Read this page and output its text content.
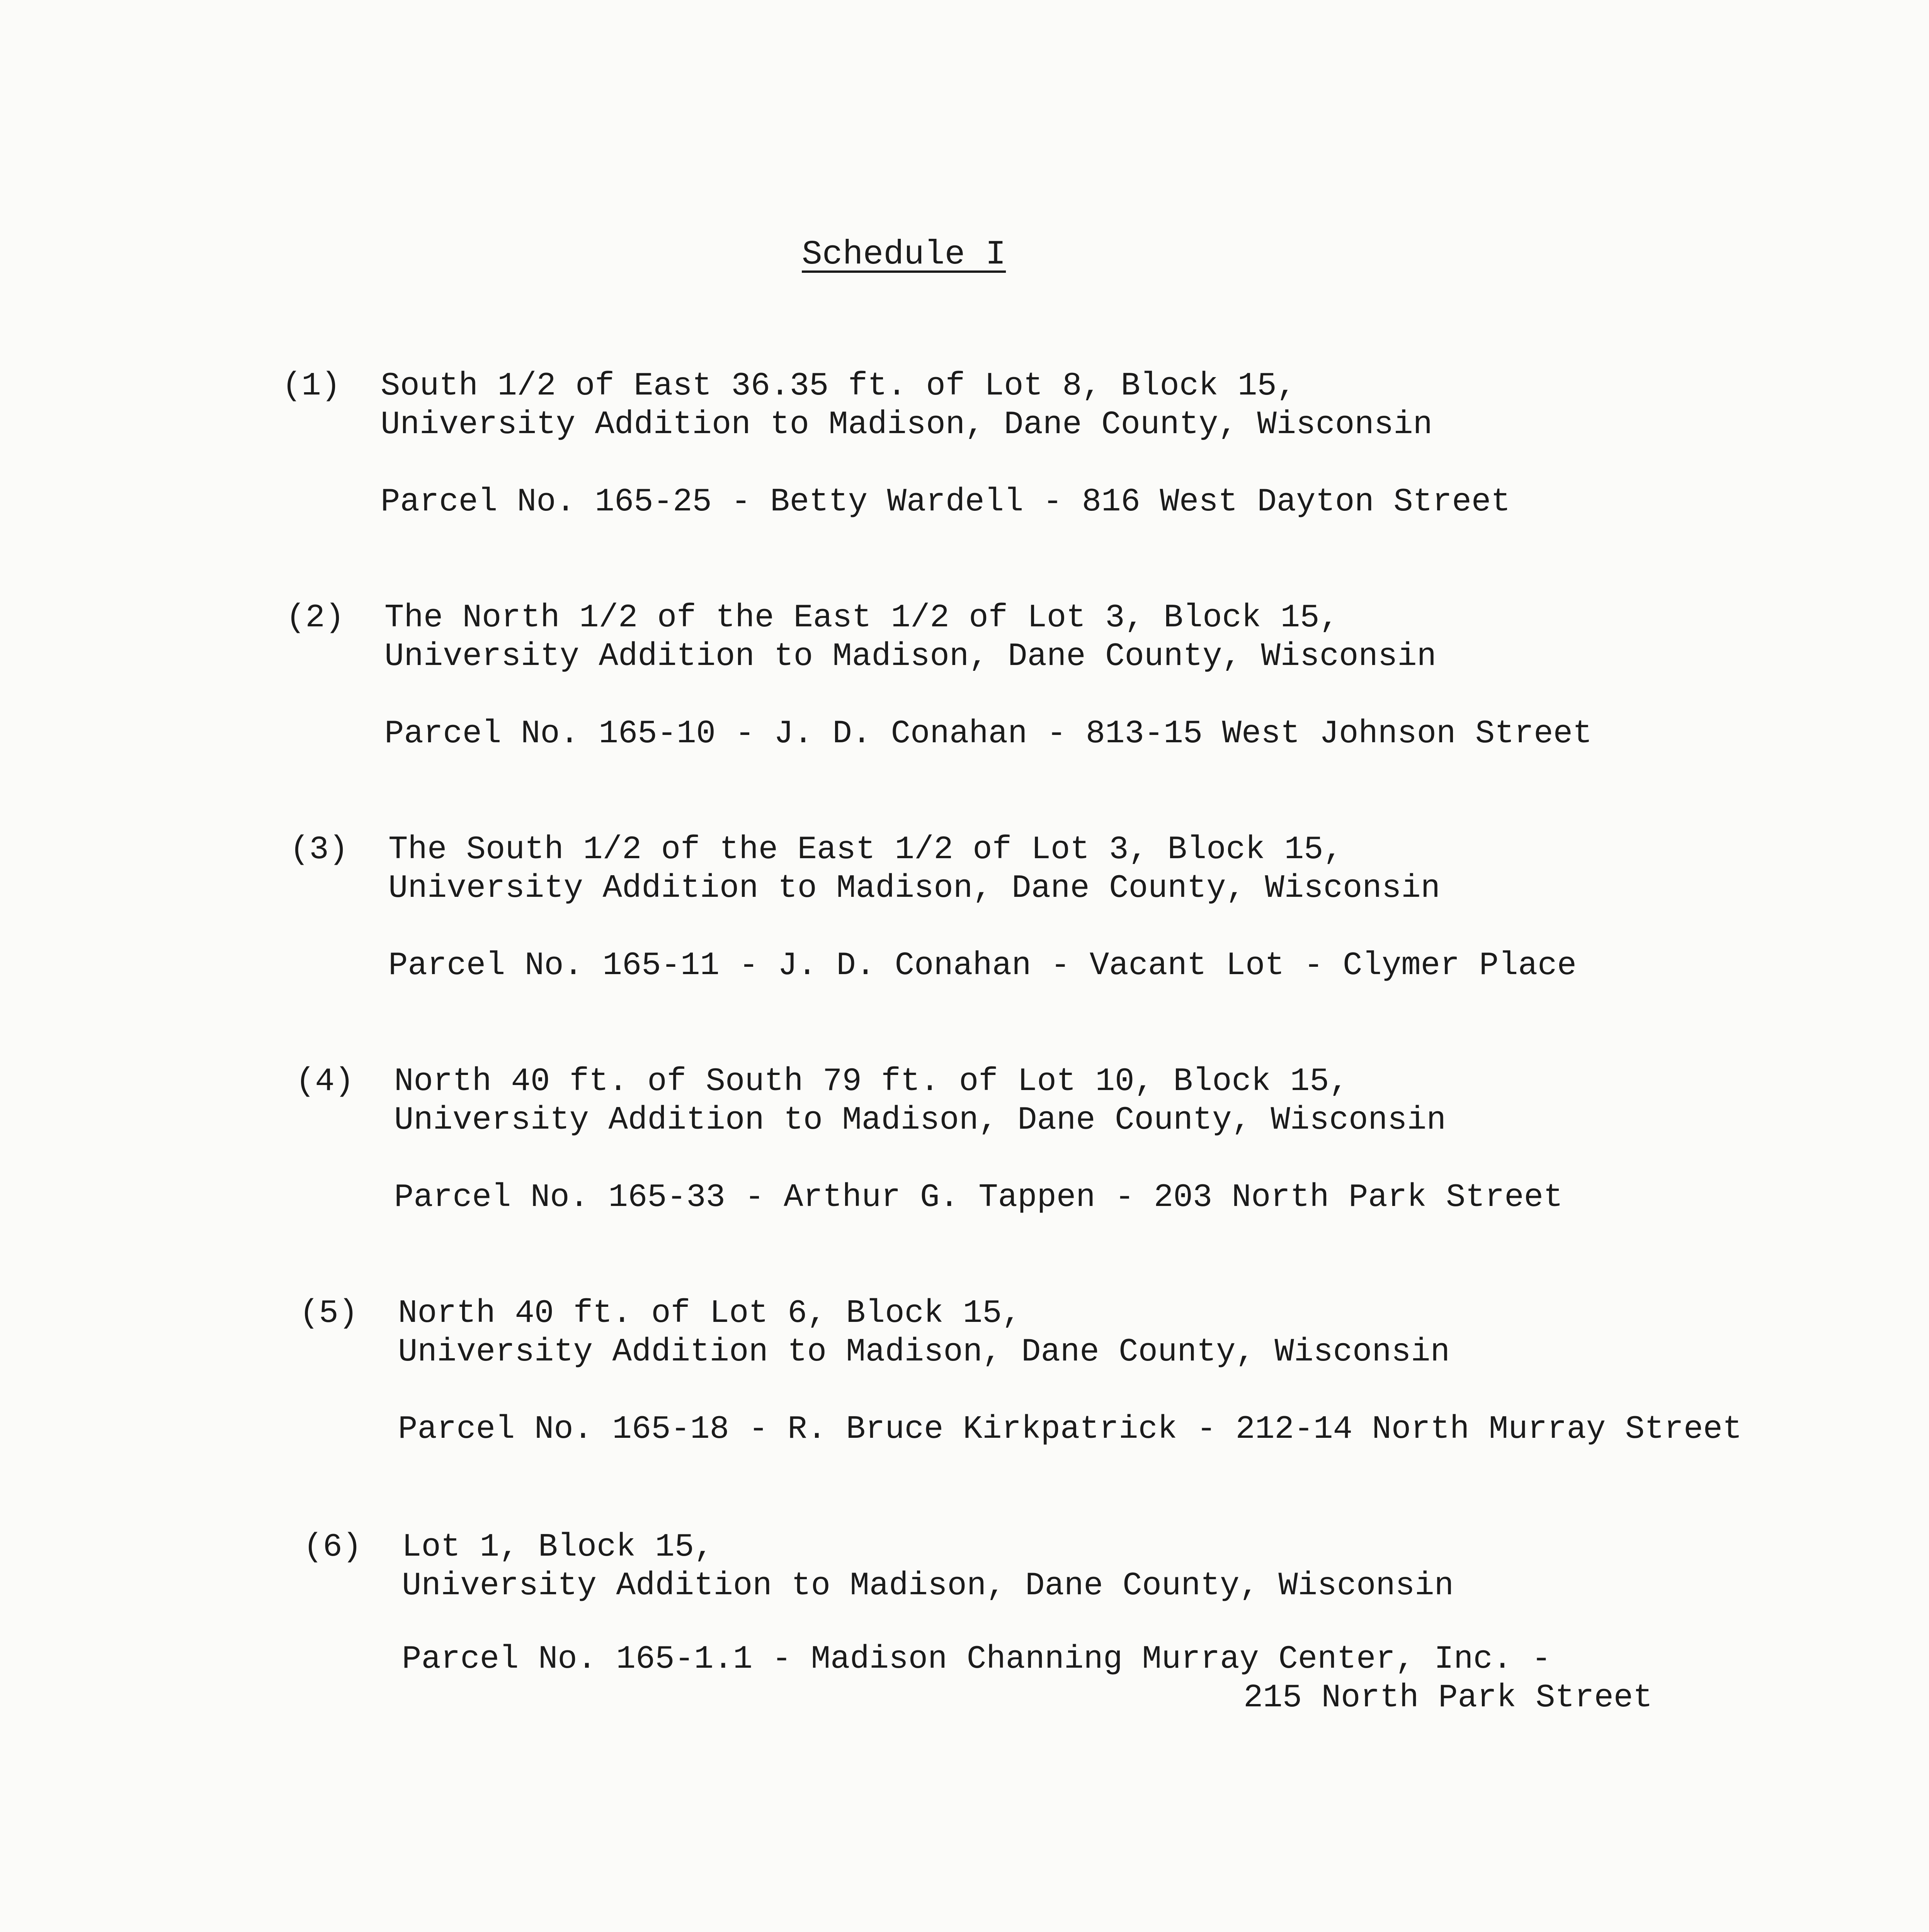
Schedule I
(1) South 1/2 of East 36.35 ft. of Lot 8, Block 15,
University Addition to Madison, Dane County, Wisconsin
Parcel No. 165-25 - Betty Wardell - 816 West Dayton Street
(2) The North 1/2 of the East 1/2 of Lot 3, Block 15,
University Addition to Madison, Dane County, Wisconsin
Parcel No. 165-10 - J. D. Conahan - 813-15 West Johnson Street
(3) The South 1/2 of the East 1/2 of Lot 3, Block 15,
University Addition to Madison, Dane County, Wisconsin
Parcel No. 165-11 - J. D. Conahan - Vacant Lot - Clymer Place
(4) North 40 ft. of South 79 ft. of Lot 10, Block 15,
University Addition to Madison, Dane County, Wisconsin
Parcel No. 165-33 - Arthur G. Tappen - 203 North Park Street
(5) North 40 ft. of Lot 6, Block 15,
University Addition to Madison, Dane County, Wisconsin
Parcel No. 165-18 - R. Bruce Kirkpatrick - 212-14 North Murray Street
(6) Lot 1, Block 15,
University Addition to Madison, Dane County, Wisconsin
Parcel No. 165-1.1 - Madison Channing Murray Center, Inc. -
215 North Park Street
